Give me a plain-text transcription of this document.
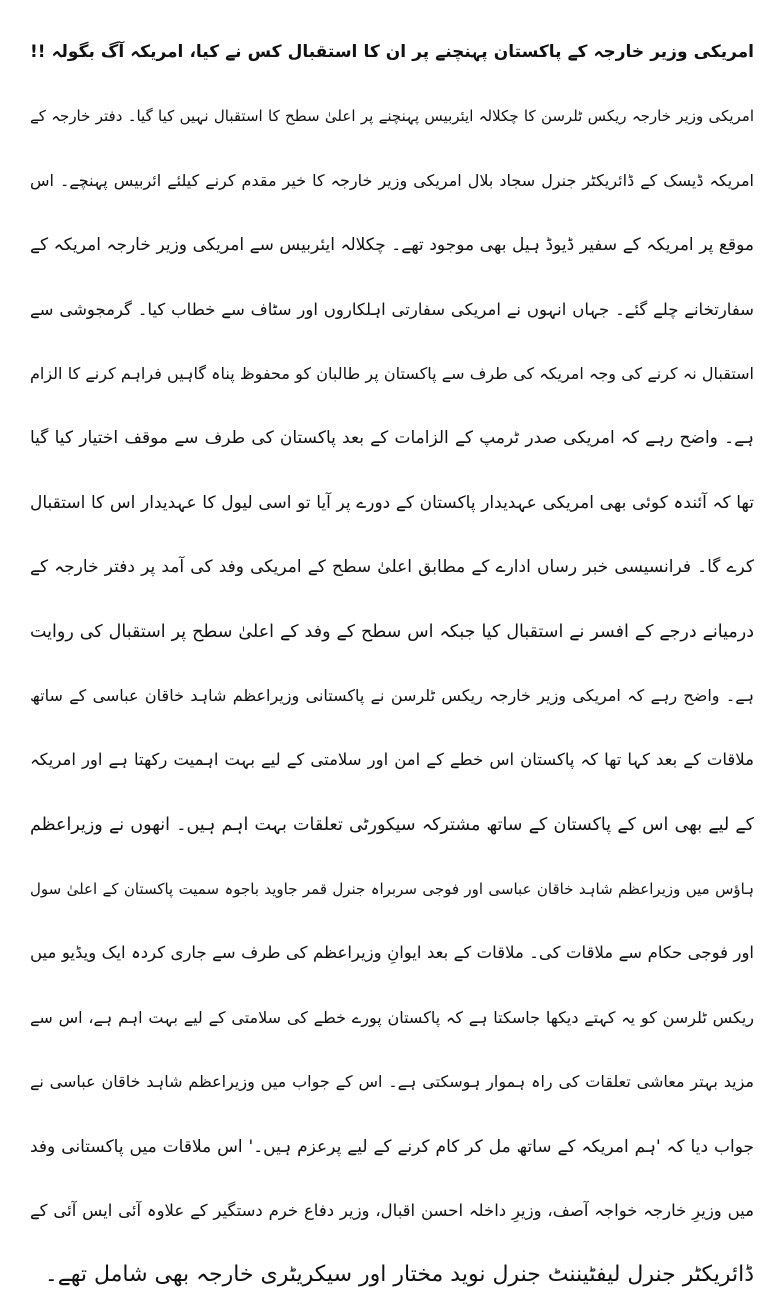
امریکی وزیر خارجہ کے پاکستان پہنچنے پر ان کا استقبال کس نے کیا، امریکہ آگ بگولہ !!
امریکی وزیر خارجہ ریکس ٹلرسن کا چکلالہ ایئربیس پہنچنے پر اعلیٰ سطح کا استقبال نہیں کیا گیا۔ دفتر خارجہ کے
امریکہ ڈیسک کے ڈائریکٹر جنرل سجاد بلال امریکی وزیر خارجہ کا خیر مقدم کرنے کیلئے ائربیس پہنچے۔ اس
موقع پر امریکہ کے سفیر ڈیوڈ ہیل بھی موجود تھے۔ چکلالہ ایئربیس سے امریکی وزیر خارجہ امریکہ کے
سفارتخانے چلے گئے۔ جہاں انہوں نے امریکی سفارتی اہلکاروں اور سٹاف سے خطاب کیا۔ گرمجوشی سے
استقبال نہ کرنے کی وجہ امریکہ کی طرف سے پاکستان پر طالبان کو محفوظ پناہ گاہیں فراہم کرنے کا الزام
ہے۔ واضح رہے کہ امریکی صدر ٹرمپ کے الزامات کے بعد پاکستان کی طرف سے موقف اختیار کیا گیا
تھا کہ آئندہ کوئی بھی امریکی عہدیدار پاکستان کے دورے پر آیا تو اسی لیول کا عہدیدار اس کا استقبال
کرے گا۔ فرانسیسی خبر رساں ادارے کے مطابق اعلیٰ سطح کے امریکی وفد کی آمد پر دفتر خارجہ کے
درمیانے درجے کے افسر نے استقبال کیا جبکہ اس سطح کے وفد کے اعلیٰ سطح پر استقبال کی روایت
ہے۔ واضح رہے کہ امریکی وزیر خارجہ ریکس ٹلرسن نے پاکستانی وزیراعظم شاہد خاقان عباسی کے ساتھ
ملاقات کے بعد کہا تھا کہ پاکستان اس خطے کے امن اور سلامتی کے لیے بہت اہمیت رکھتا ہے اور امریکہ
کے لیے بھی اس کے پاکستان کے ساتھ مشترکہ سیکورٹی تعلقات بہت اہم ہیں۔ انھوں نے وزیراعظم
ہاؤس میں وزیراعظم شاہد خاقان عباسی اور فوجی سربراہ جنرل قمر جاوید باجوہ سمیت پاکستان کے اعلیٰ سول
اور فوجی حکام سے ملاقات کی۔ ملاقات کے بعد ایوانِ وزیراعظم کی طرف سے جاری کردہ ایک ویڈیو میں
ریکس ٹلرسن کو یہ کہتے دیکھا جاسکتا ہے کہ پاکستان پورے خطے کی سلامتی کے لیے بہت اہم ہے، اس سے
مزید بہتر معاشی تعلقات کی راہ ہموار ہوسکتی ہے۔ اس کے جواب میں وزیراعظم شاہد خاقان عباسی نے
جواب دیا کہ 'ہم امریکہ کے ساتھ مل کر کام کرنے کے لیے پرعزم ہیں۔' اس ملاقات میں پاکستانی وفد
میں وزیرِ خارجہ خواجہ آصف، وزیرِ داخلہ احسن اقبال، وزیر دفاع خرم دستگیر کے علاوہ آئی ایس آئی کے
ڈائریکٹر جنرل لیفٹیننٹ جنرل نوید مختار اور سیکریٹری خارجہ بھی شامل تھے۔
